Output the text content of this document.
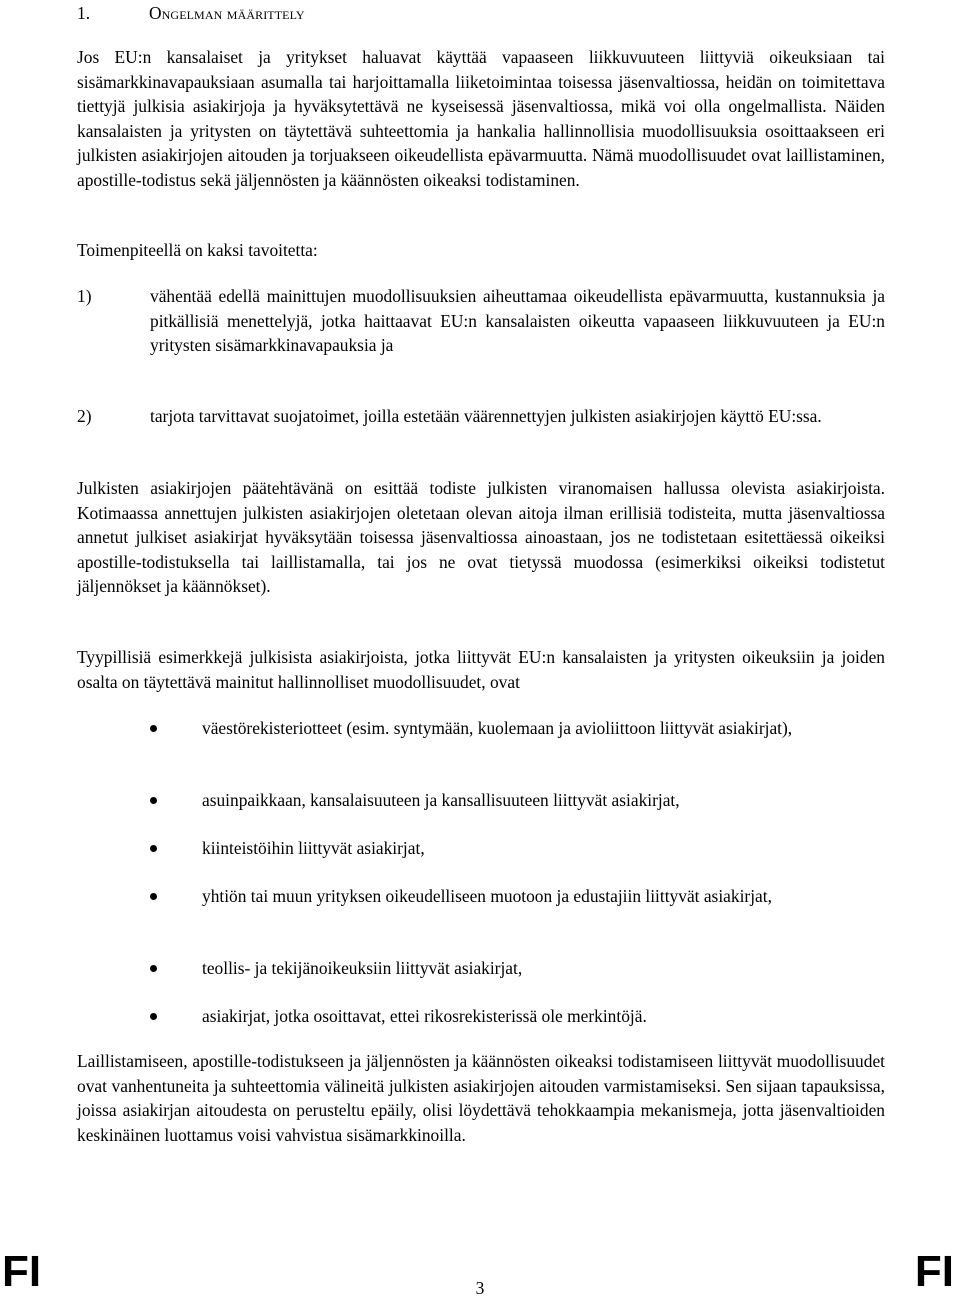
1.	Ongelman määrittely

Jos EU:n kansalaiset ja yritykset haluavat käyttää vapaaseen liikkuvuuteen liittyviä oikeuksiaan tai sisämarkkinavapauksiaan asumalla tai harjoittamalla liiketoimintaa toisessa jäsenvaltiossa, heidän on toimitettava tiettyjä julkisia asiakirjoja ja hyväksytettävä ne kyseisessä jäsenvaltiossa, mikä voi olla ongelmallista. Näiden kansalaisten ja yritysten on täytettävä suhteettomia ja hankalia hallinnollisia muodollisuuksia osoittaakseen eri julkisten asiakirjojen aitouden ja torjuakseen oikeudellista epävarmuutta. Nämä muodollisuudet ovat laillistaminen, apostille-todistus sekä jäljennösten ja käännösten oikeaksi todistaminen.

Toimenpiteellä on kaksi tavoitetta:

1)	vähentää edellä mainittujen muodollisuuksien aiheuttamaa oikeudellista epävarmuutta, kustannuksia ja pitkällisiä menettelyjä, jotka haittaavat EU:n kansalaisten oikeutta vapaaseen liikkuvuuteen ja EU:n yritysten sisämarkkinavapauksia ja

2)	tarjota tarvittavat suojatoimet, joilla estetään väärennettyjen julkisten asiakirjojen käyttö EU:ssa.

Julkisten asiakirjojen päätehtävänä on esittää todiste julkisten viranomaisen hallussa olevista asiakirjoista. Kotimaassa annettujen julkisten asiakirjojen oletetaan olevan aitoja ilman erillisiä todisteita, mutta jäsenvaltiossa annetut julkiset asiakirjat hyväksytään toisessa jäsenvaltiossa ainoastaan, jos ne todistetaan esitettäessä oikeiksi apostille-todistuksella tai laillistamalla, tai jos ne ovat tietyssä muodossa (esimerkiksi oikeiksi todistetut jäljennökset ja käännökset).

Tyypillisiä esimerkkejä julkisista asiakirjoista, jotka liittyvät EU:n kansalaisten ja yritysten oikeuksiin ja joiden osalta on täytettävä mainitut hallinnolliset muodollisuudet, ovat

väestörekisteriotteet (esim. syntymään, kuolemaan ja avioliittoon liittyvät asiakirjat),

asuinpaikkaan, kansalaisuuteen ja kansallisuuteen liittyvät asiakirjat,

kiinteistöihin liittyvät asiakirjat,

yhtiön tai muun yrityksen oikeudelliseen muotoon ja edustajiin liittyvät asiakirjat,

teollis- ja tekijänoikeuksiin liittyvät asiakirjat,

asiakirjat, jotka osoittavat, ettei rikosrekisterissä ole merkintöjä.

Laillistamiseen, apostille-todistukseen ja jäljennösten ja käännösten oikeaksi todistamiseen liittyvät muodollisuudet ovat vanhentuneita ja suhteettomia välineitä julkisten asiakirjojen aitouden varmistamiseksi. Sen sijaan tapauksissa, joissa asiakirjan aitoudesta on perusteltu epäily, olisi löydettävä tehokkaampia mekanismeja, jotta jäsenvaltioiden keskinäinen luottamus voisi vahvistua sisämarkkinoilla.

FI	3	FI
